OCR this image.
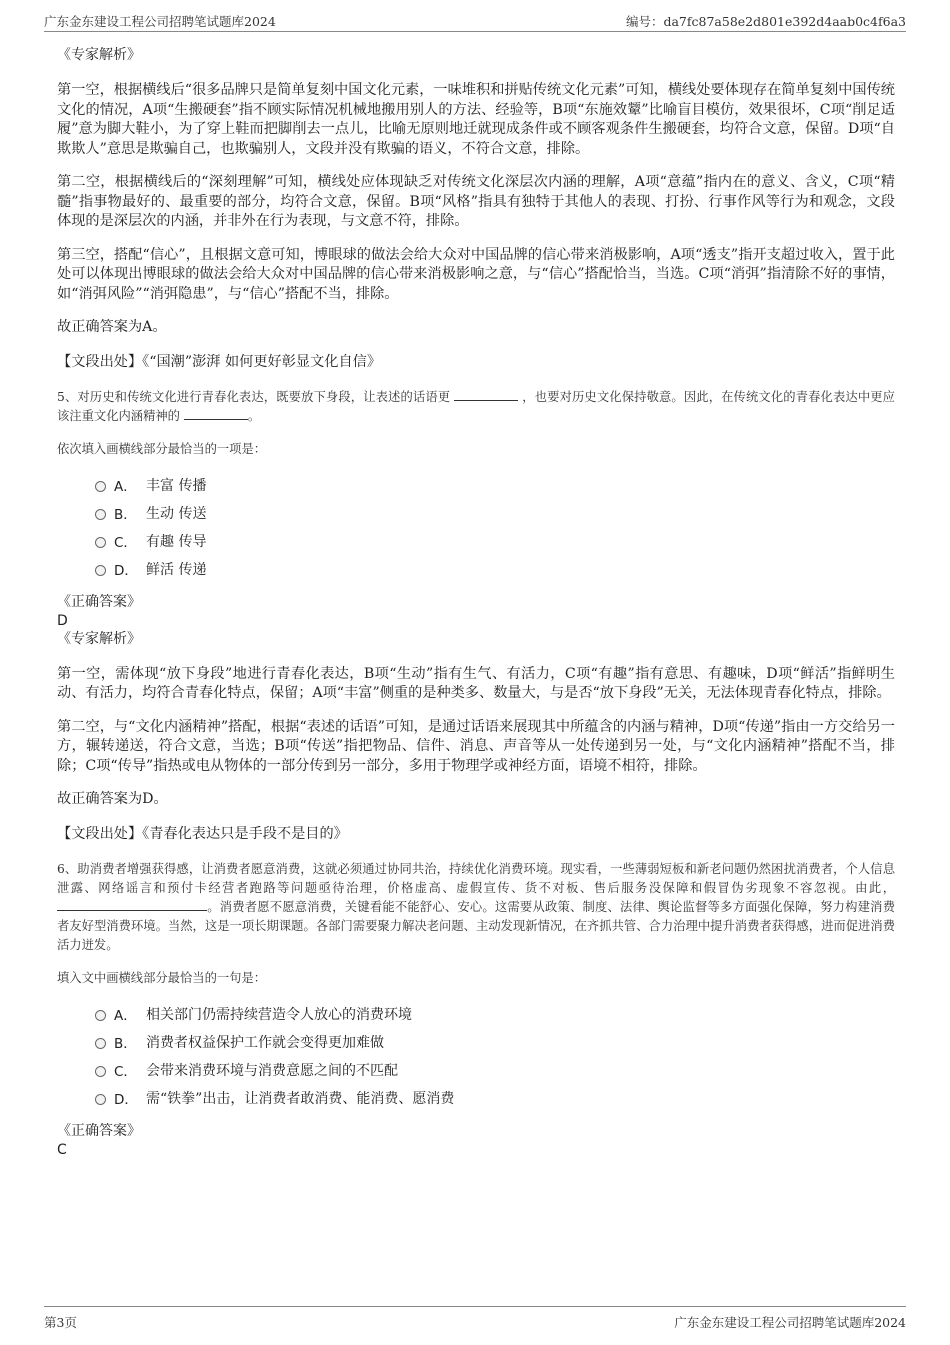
广东金东建设工程公司招聘笔试题库2024	编号：da7fc87a58e2d801e392d4aab0c4f6a3

《专家解析》

第一空，根据横线后“很多品牌只是简单复刻中国文化元素，一味堆积和拼贴传统文化元素”可知，横线处要体现存在简单复刻中国传统文化的情况，A项“生搬硬套”指不顾实际情况机械地搬用别人的方法、经验等，B项“东施效颦”比喻盲目模仿，效果很坏，C项“削足适履”意为脚大鞋小，为了穿上鞋而把脚削去一点儿，比喻无原则地迁就现成条件或不顾客观条件生搬硬套，均符合文意，保留。D项“自欺欺人”意思是欺骗自己，也欺骗别人，文段并没有欺骗的语义，不符合文意，排除。

第二空，根据横线后的“深刻理解”可知，横线处应体现缺乏对传统文化深层次内涵的理解，A项“意蕴”指内在的意义、含义，C项“精髓”指事物最好的、最重要的部分，均符合文意，保留。B项“风格”指具有独特于其他人的表现、打扮、行事作风等行为和观念，文段体现的是深层次的内涵，并非外在行为表现，与文意不符，排除。

第三空，搭配“信心”，且根据文意可知，博眼球的做法会给大众对中国品牌的信心带来消极影响，A项“透支”指开支超过收入，置于此处可以体现出博眼球的做法会给大众对中国品牌的信心带来消极影响之意，与“信心”搭配恰当，当选。C项“消弭”指清除不好的事情，如“消弭风险”“消弭隐患”，与“信心”搭配不当，排除。

故正确答案为A。

【文段出处】《“国潮”澎湃 如何更好彰显文化自信》

5、对历史和传统文化进行青春化表达，既要放下身段，让表述的话语更	，也要对历史文化保持敬意。因此，在传统文化的青春化表达中更应该注重文化内涵精神的	。

依次填入画横线部分最恰当的一项是：

A． 丰富 传播
B． 生动 传送
C． 有趣 传导
D． 鲜活 传递

《正确答案》

D

《专家解析》

第一空，需体现“放下身段”地进行青春化表达，B项“生动”指有生气、有活力，C项“有趣”指有意思、有趣味，D项“鲜活”指鲜明生动、有活力，均符合青春化特点，保留；A项“丰富”侧重的是种类多、数量大，与是否“放下身段”无关，无法体现青春化特点，排除。

第二空，与“文化内涵精神”搭配，根据“表述的话语”可知，是通过话语来展现其中所蕴含的内涵与精神，D项“传递”指由一方交给另一方，辗转递送，符合文意，当选；B项“传送”指把物品、信件、消息、声音等从一处传递到另一处，与“文化内涵精神”搭配不当，排除；C项“传导”指热或电从物体的一部分传到另一部分，多用于物理学或神经方面，语境不相符，排除。

故正确答案为D。

【文段出处】《青春化表达只是手段不是目的》

6、助消费者增强获得感，让消费者愿意消费，这就必须通过协同共治，持续优化消费环境。现实看，一些薄弱短板和新老问题仍然困扰消费者，个人信息泄露、网络谣言和预付卡经营者跑路等问题亟待治理，价格虚高、虚假宣传、货不对板、售后服务没保障和假冒伪劣现象不容忽视。由此， 。消费者愿不愿意消费，关键看能不能舒心、安心。这需要从政策、制度、法律、舆论监督等多方面强化保障，努力构建消费者友好型消费环境。当然，这是一项长期课题。各部门需要聚力解决老问题、主动发现新情况，在齐抓共管、合力治理中提升消费者获得感，进而促进消费活力迸发。

填入文中画横线部分最恰当的一句是：

A． 相关部门仍需持续营造令人放心的消费环境
B． 消费者权益保护工作就会变得更加难做
C． 会带来消费环境与消费意愿之间的不匹配
D． 需“铁拳”出击，让消费者敢消费、能消费、愿消费

《正确答案》

C

第3页	广东金东建设工程公司招聘笔试题库2024
